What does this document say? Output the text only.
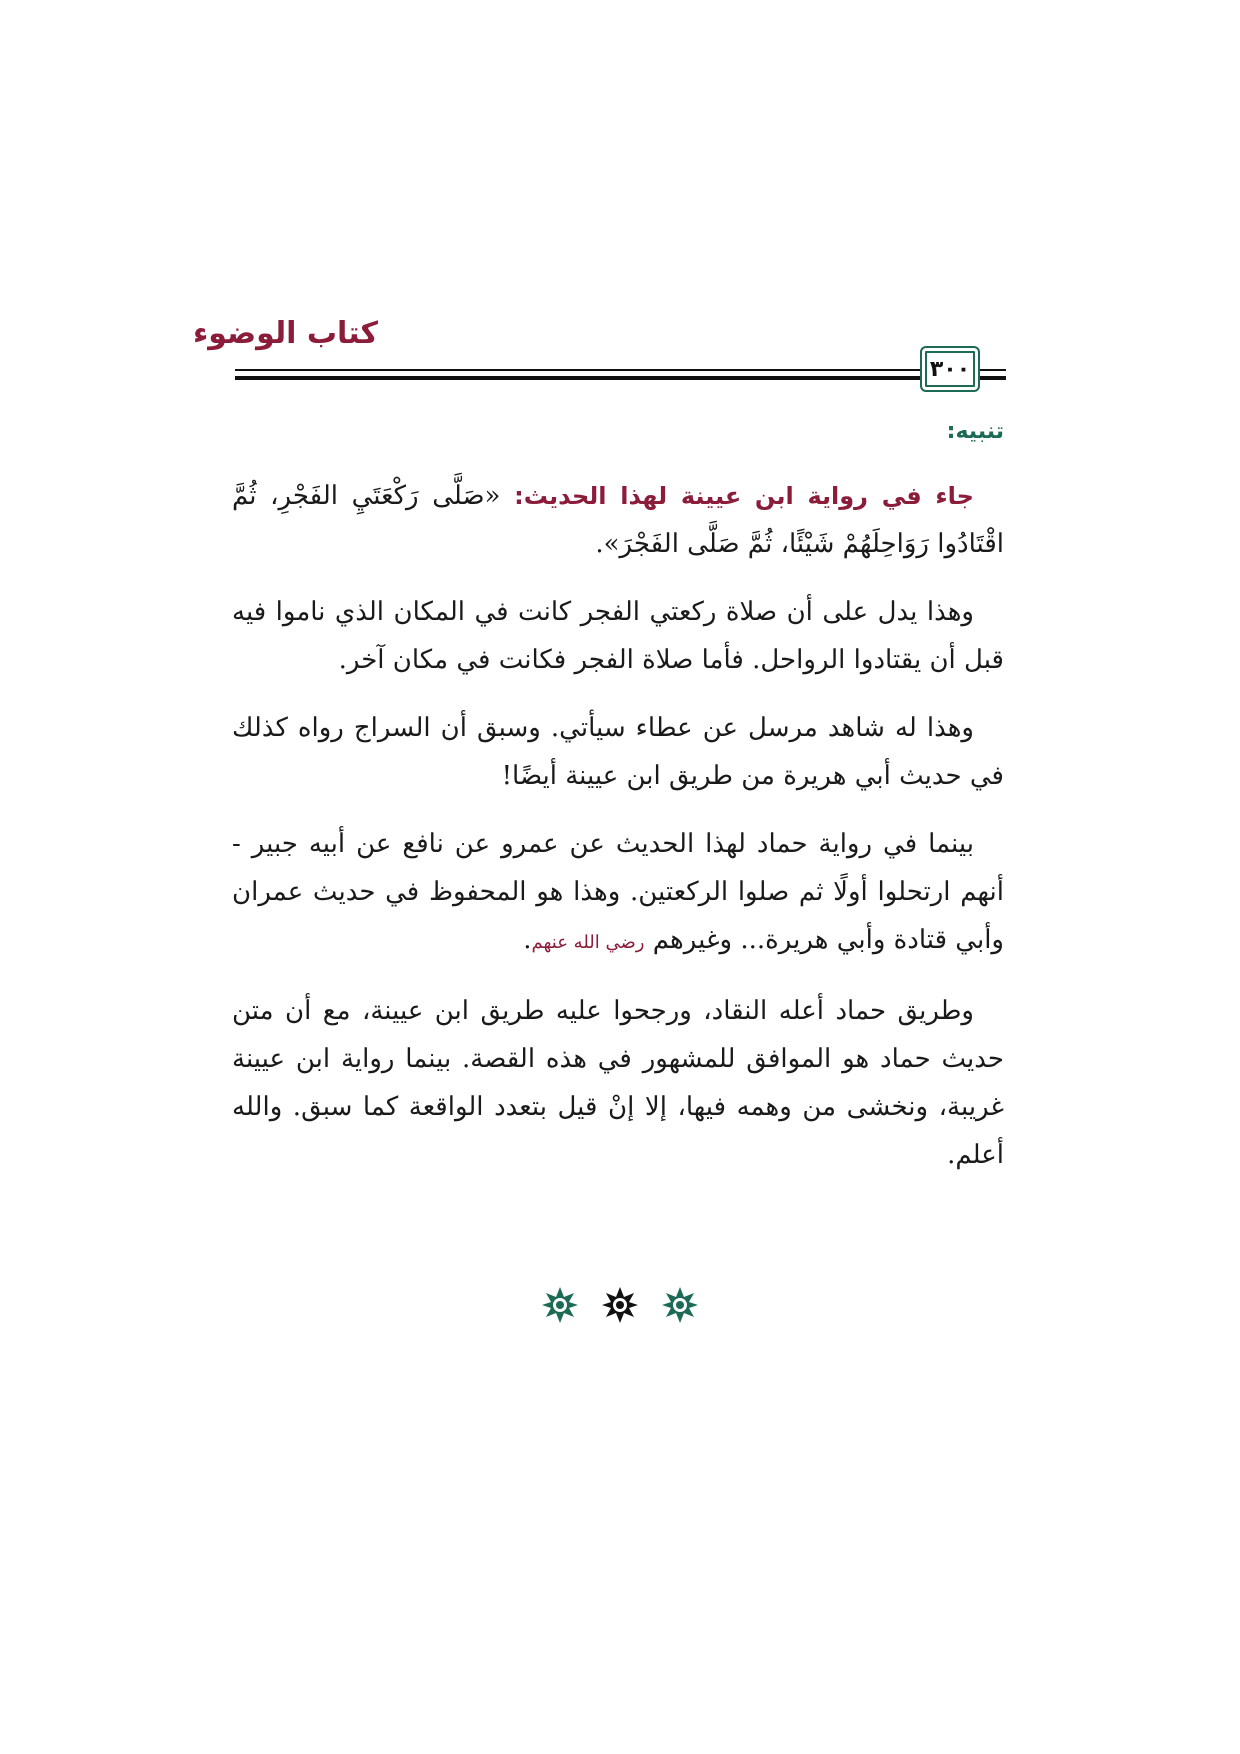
كتاب الوضوء
٣٠٠
تنبيه:

جاء في رواية ابن عيينة لهذا الحديث: «صَلَّى رَكْعَتَيِ الفَجْرِ، ثُمَّ اقْتَادُوا رَوَاحِلَهُمْ شَيْئًا، ثُمَّ صَلَّى الفَجْرَ».

وهذا يدل على أن صلاة ركعتي الفجر كانت في المكان الذي ناموا فيه قبل أن يقتادوا الرواحل. فأما صلاة الفجر فكانت في مكان آخر.

وهذا له شاهد مرسل عن عطاء سيأتي. وسبق أن السراج رواه كذلك في حديث أبي هريرة من طريق ابن عيينة أيضًا!

بينما في رواية حماد لهذا الحديث عن عمرو عن نافع عن أبيه جبير - أنهم ارتحلوا أولًا ثم صلوا الركعتين. وهذا هو المحفوظ في حديث عمران وأبي قتادة وأبي هريرة... وغيرهم رضي الله عنهم.

وطريق حماد أعله النقاد، ورجحوا عليه طريق ابن عيينة، مع أن متن حديث حماد هو الموافق للمشهور في هذه القصة. بينما رواية ابن عيينة غريبة، ونخشى من وهمه فيها، إلا إنْ قيل بتعدد الواقعة كما سبق. والله أعلم.
